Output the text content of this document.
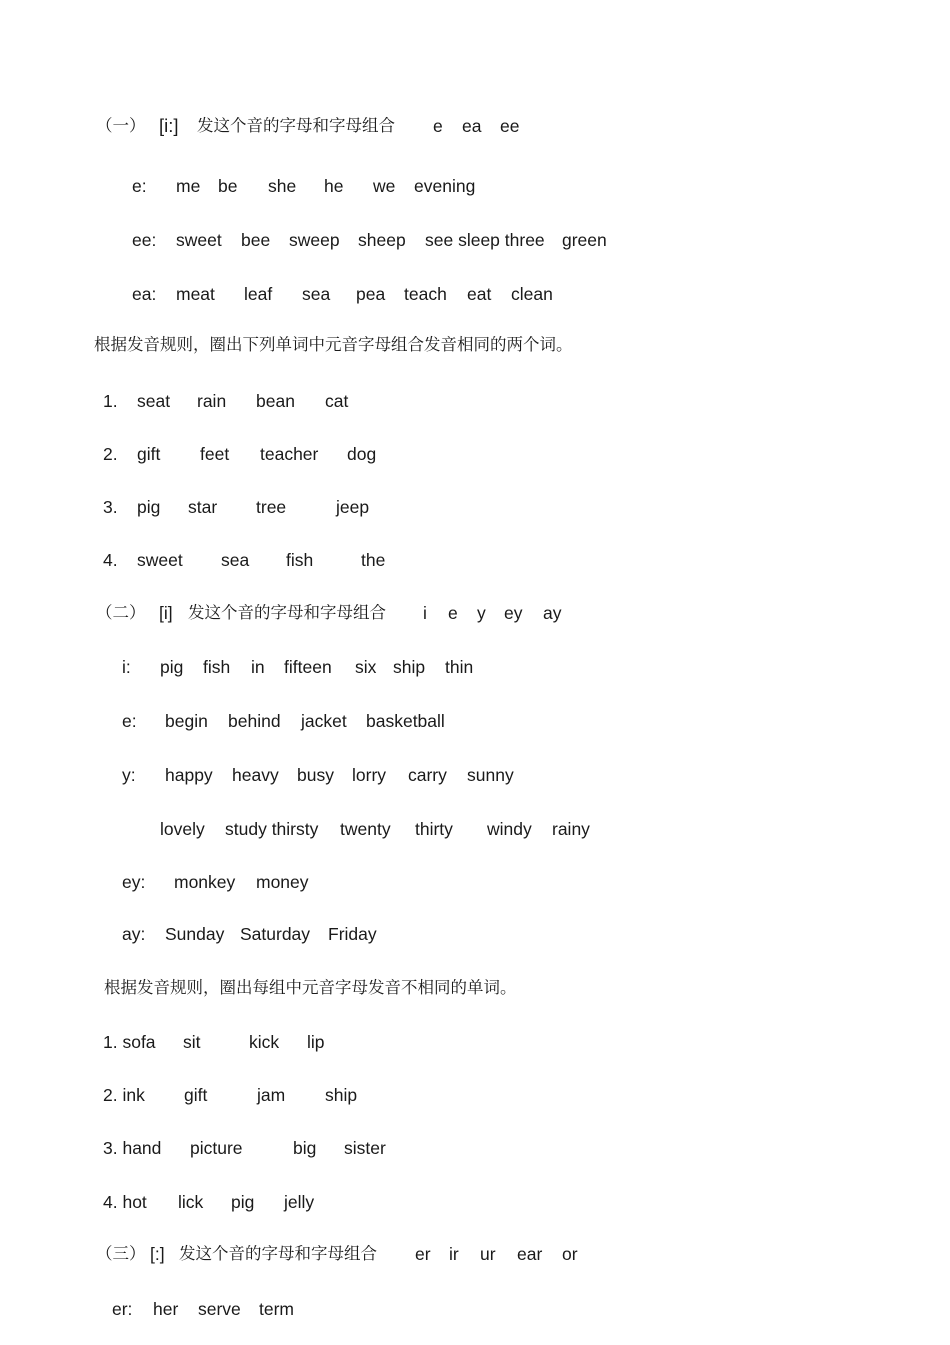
（一） [i:] 发这个音的字母和字母组合 e ea ee
e: me be she he we evening
ee: sweet bee sweep sheep see sleep three green
ea: meat leaf sea pea teach eat clean
根据发音规则，圈出下列单词中元音字母组合发音相同的两个词。
1. seat rain bean cat
2. gift feet teacher dog
3. pig star tree	jeep
4. sweet sea fish	the
（二） [i] 发这个音的字母和字母组合 i e y ey ay
i: pig fish in fifteen six ship thin
e: begin behind jacket basketball
y: happy heavy busy lorry carry sunny
lovely study thirsty twenty thirty windy rainy
ey: monkey money
ay: Sunday Saturday Friday
根据发音规则，圈出每组中元音字母发音不相同的单词。
1. sofa sit	kick lip
2. ink gift	jam ship
3. hand picture	big sister
4. hot lick pig jelly
（三） [:] 发这个音的字母和字母组合 er ir ur ear or
er: her serve term
